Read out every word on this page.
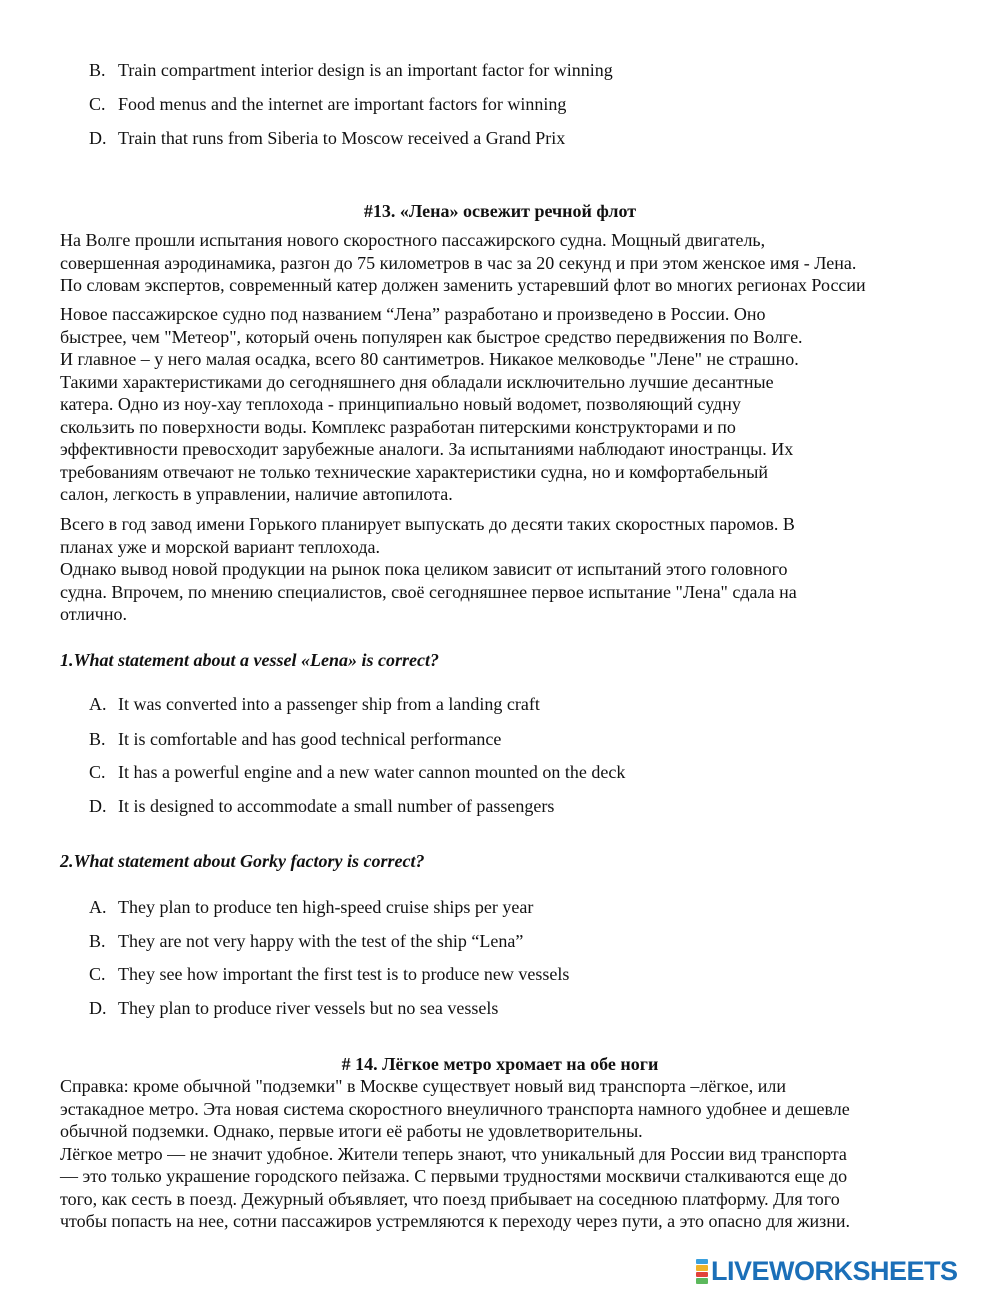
B. Train compartment interior design is an important factor for winning
C. Food menus and the internet are important factors for winning
D. Train that runs from Siberia to Moscow received a Grand Prix
#13. «Лена» освежит речной флот
На Волге прошли испытания нового скоростного пассажирского судна. Мощный двигатель,
совершенная аэродинамика, разгон до 75 километров в час за 20 секунд и при этом женское имя - Лена.
По словам экспертов, современный катер должен заменить устаревший флот во многих регионах России
Новое пассажирское судно под названием “Лена” разработано и произведено в России. Оно
быстрее, чем "Метеор", который очень популярен как быстрое средство передвижения по Волге.
И главное – у него малая осадка, всего 80 сантиметров. Никакое мелководье "Лене" не страшно.
Такими характеристиками до сегодняшнего дня обладали исключительно лучшие десантные
катера. Одно из ноу-хау теплохода - принципиально новый водомет, позволяющий судну
скользить по поверхности воды. Комплекс разработан питерскими конструкторами и по
эффективности превосходит зарубежные аналоги. За испытаниями наблюдают иностранцы. Их
требованиям отвечают не только технические характеристики судна, но и комфортабельный
салон, легкость в управлении, наличие автопилота.
Всего в год завод имени Горького планирует выпускать до десяти таких скоростных паромов. В
планах уже и морской вариант теплохода.
Однако вывод новой продукции на рынок пока целиком зависит от испытаний этого головного
судна. Впрочем, по мнению специалистов, своё сегодняшнее первое испытание "Лена" сдала на
отлично.
1.What statement about a vessel «Lena» is correct?
A. It was converted into a passenger ship from a landing craft
B. It is comfortable and has good technical performance
C. It has a powerful engine and a new water cannon mounted on the deck
D. It is designed to accommodate a small number of passengers
2.What statement about Gorky factory is correct?
A. They plan to produce ten high-speed cruise ships per year
B. They are not very happy with the test of the ship “Lena”
C. They see how important the first test is to produce new vessels
D. They plan to produce river vessels but no sea vessels
# 14. Лёгкое метро хромает на обе ноги
Справка: кроме обычной "подземки" в Москве существует новый вид транспорта –лёгкое, или
эстакадное метро. Эта новая система скоростного внеуличного транспорта намного удобнее и дешевле
обычной подземки. Однако, первые итоги её работы не удовлетворительны.
Лёгкое метро — не значит удобное. Жители теперь знают, что уникальный для России вид транспорта
— это только украшение городского пейзажа. С первыми трудностями москвичи сталкиваются еще до
того, как сесть в поезд. Дежурный объявляет, что поезд прибывает на соседнюю платформу. Для того
чтобы попасть на нее, сотни пассажиров устремляются к переходу через пути, а это опасно для жизни.
LIVEWORKSHEETS
